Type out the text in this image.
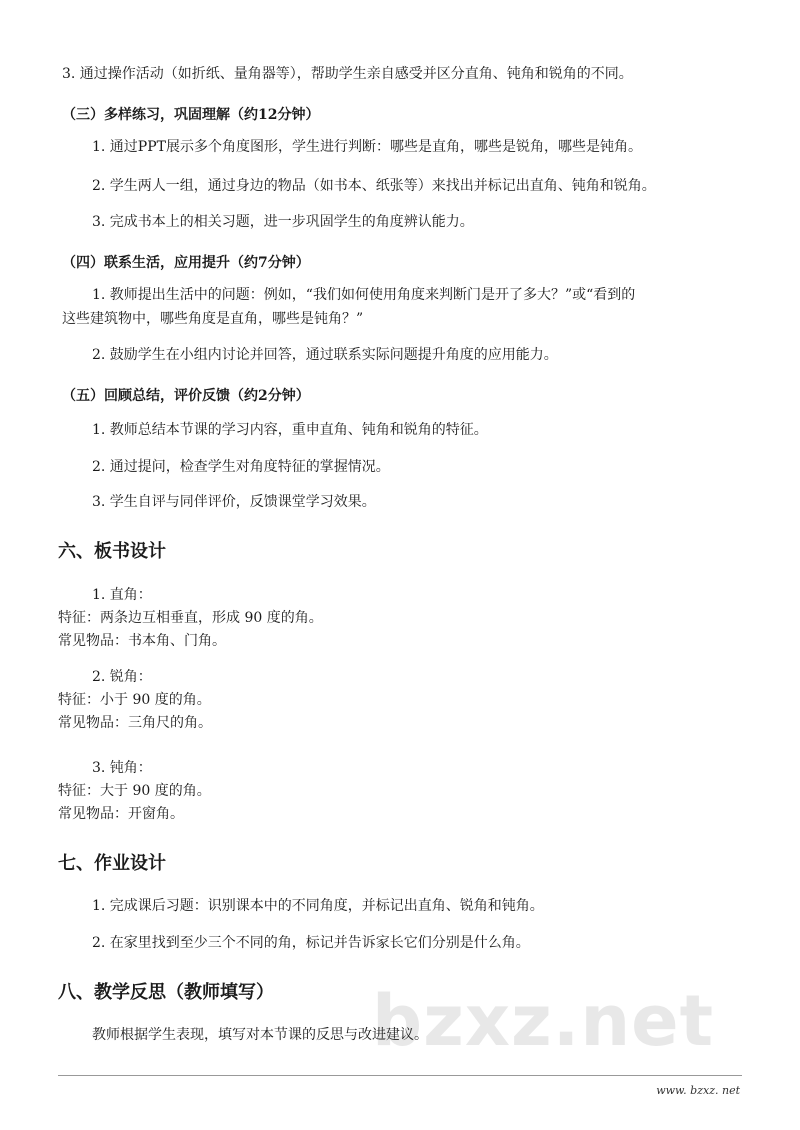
3. 通过操作活动（如折纸、量角器等），帮助学生亲自感受并区分直角、钝角和锐角的不同。
（三）多样练习，巩固理解（约12分钟）
1. 通过PPT展示多个角度图形，学生进行判断：哪些是直角，哪些是锐角，哪些是钝角。
2. 学生两人一组，通过身边的物品（如书本、纸张等）来找出并标记出直角、钝角和锐角。
3. 完成书本上的相关习题，进一步巩固学生的角度辨认能力。
（四）联系生活，应用提升（约7分钟）
1. 教师提出生活中的问题：例如，“我们如何使用角度来判断门是开了多大？”或“看到的
这些建筑物中，哪些角度是直角，哪些是钝角？”
2. 鼓励学生在小组内讨论并回答，通过联系实际问题提升角度的应用能力。
（五）回顾总结，评价反馈（约2分钟）
1. 教师总结本节课的学习内容，重申直角、钝角和锐角的特征。
2. 通过提问，检查学生对角度特征的掌握情况。
3. 学生自评与同伴评价，反馈课堂学习效果。
六、板书设计
1. 直角：
特征：两条边互相垂直，形成 90 度的角。
常见物品：书本角、门角。
2. 锐角：
特征：小于 90 度的角。
常见物品：三角尺的角。
3. 钝角：
特征：大于 90 度的角。
常见物品：开窗角。
七、作业设计
1. 完成课后习题：识别课本中的不同角度，并标记出直角、锐角和钝角。
2. 在家里找到至少三个不同的角，标记并告诉家长它们分别是什么角。
八、教学反思（教师填写） bzxz.net
教师根据学生表现，填写对本节课的反思与改进建议。
www. bzxz. net
